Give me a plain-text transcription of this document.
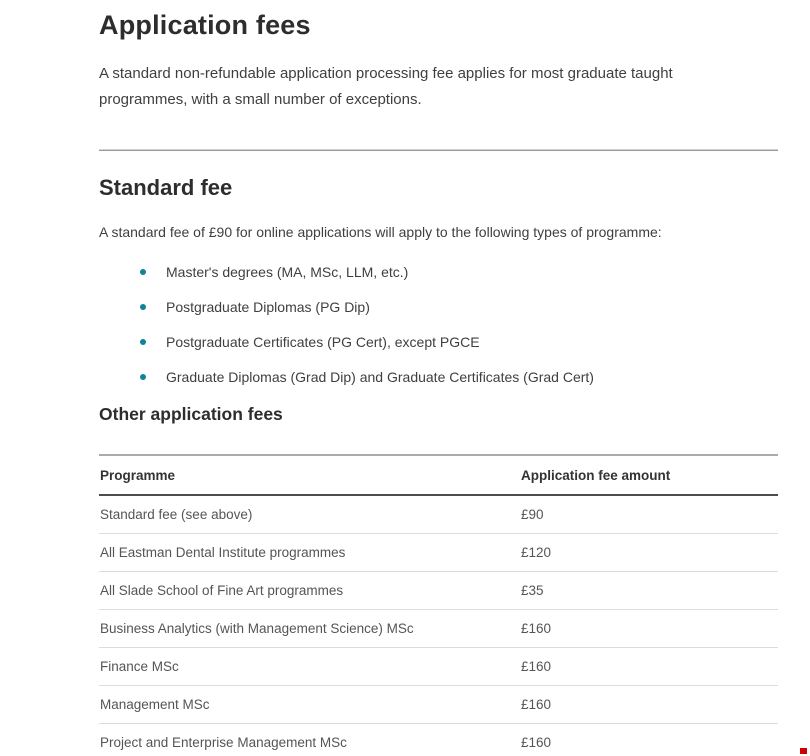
Application fees

A standard non-refundable application processing fee applies for most graduate taught programmes, with a small number of exceptions.

Standard fee

A standard fee of £90 for online applications will apply to the following types of programme:

Master's degrees (MA, MSc, LLM, etc.)
Postgraduate Diplomas (PG Dip)
Postgraduate Certificates (PG Cert), except PGCE
Graduate Diplomas (Grad Dip) and Graduate Certificates (Grad Cert)
Other application fees
Programme	Application fee amount
Standard fee (see above)	£90
All Eastman Dental Institute programmes	£120
All Slade School of Fine Art programmes	£35
Business Analytics (with Management Science) MSc	£160
Finance MSc	£160
Management MSc	£160
Project and Enterprise Management MSc	£160
